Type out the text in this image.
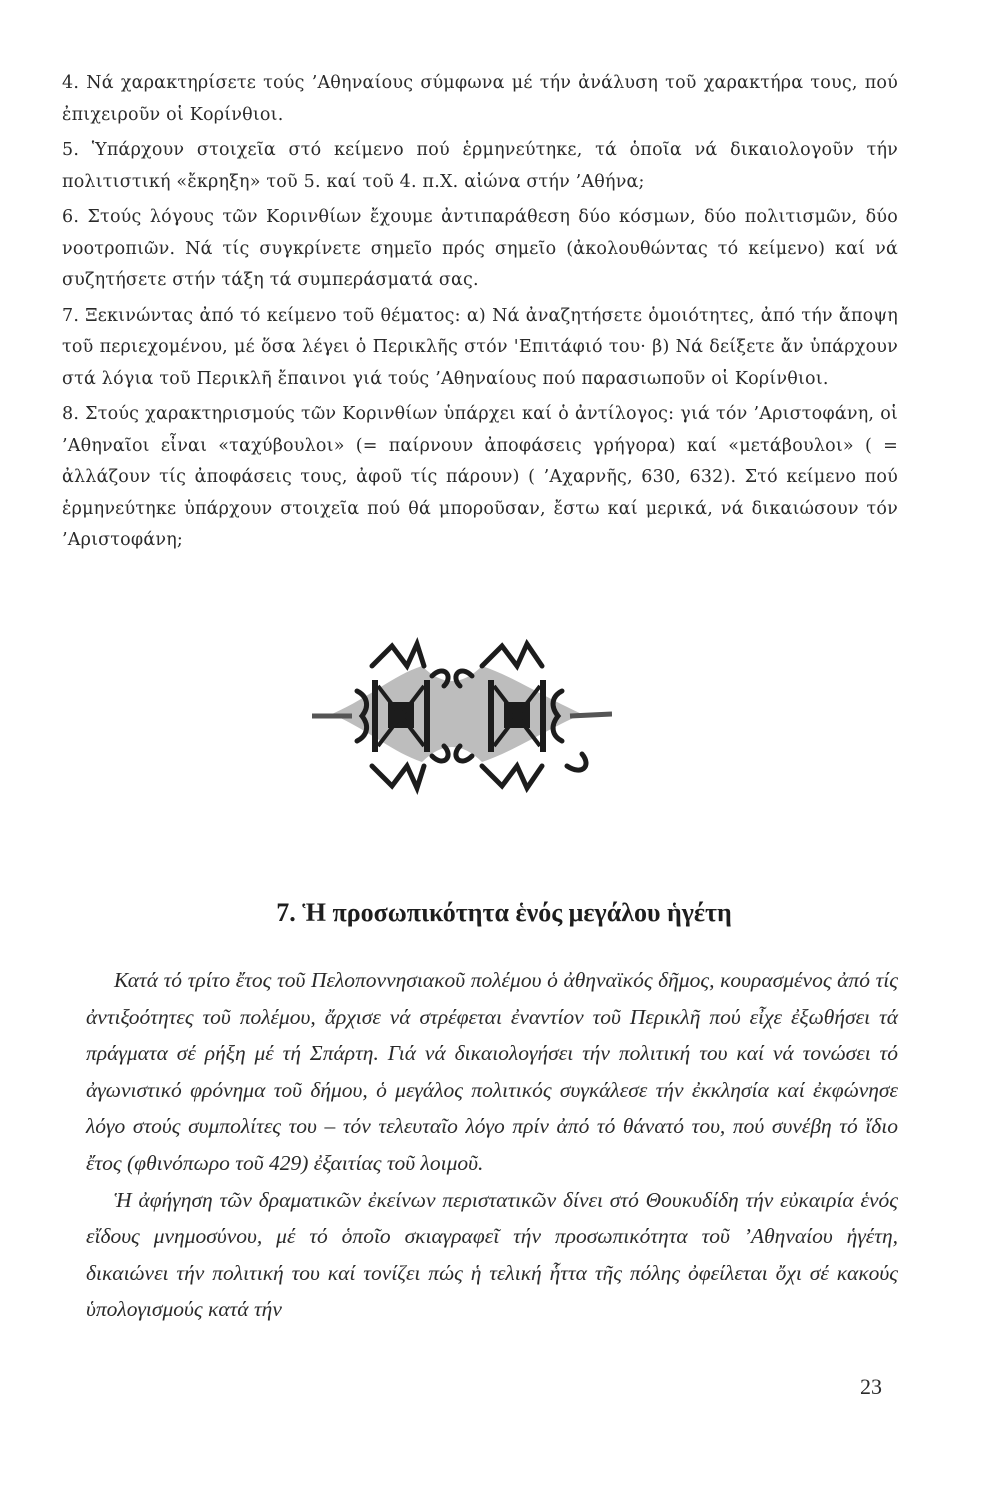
4. Νά χαρακτηρίσετε τούς ’Αθηναίους σύμφωνα μέ τήν ἀνάλυση τοῦ χαρακτήρα τους, πού ἐπιχειροῦν οἱ Κορίνθιοι.

5. Ὑπάρχουν στοιχεῖα στό κείμενο πού ἑρμηνεύτηκε, τά ὁποῖα νά δικαιολογοῦν τήν πολιτιστική «ἔκρηξη» τοῦ 5. καί τοῦ 4. π.Χ. αἰώνα στήν ’Αθήνα;

6. Στούς λόγους τῶν Κορινθίων ἔχουμε ἀντιπαράθεση δύο κόσμων, δύο πολιτισμῶν, δύο νοοτροπιῶν. Νά τίς συγκρίνετε σημεῖο πρός σημεῖο (ἀκολουθώντας τό κείμενο) καί νά συζητήσετε στήν τάξη τά συμπεράσματά σας.

7. Ξεκινώντας ἀπό τό κείμενο τοῦ θέματος: α) Νά ἀναζητήσετε ὁμοιότητες, ἀπό τήν ἄποψη τοῦ περιεχομένου, μέ ὅσα λέγει ὁ Περικλῆς στόν 'Επιτάφιό του· β) Νά δείξετε ἄν ὑπάρχουν στά λόγια τοῦ Περικλῆ ἔπαινοι γιά τούς ’Αθηναίους πού παρασιωποῦν οἱ Κορίνθιοι.

8. Στούς χαρακτηρισμούς τῶν Κορινθίων ὑπάρχει καί ὁ ἀντίλογος: γιά τόν ’Αριστοφάνη, οἱ ’Αθηναῖοι εἶναι «ταχύβουλοι» (= παίρνουν ἀποφάσεις γρήγορα) καί «μετάβουλοι» ( = ἀλλάζουν τίς ἀποφάσεις τους, ἀφοῦ τίς πάρουν) ( ’Αχαρνῆς, 630, 632). Στό κείμενο πού ἑρμηνεύτηκε ὑπάρχουν στοιχεῖα πού θά μποροῦσαν, ἔστω καί μερικά, νά δικαιώσουν τόν ’Αριστοφάνη;

7. Ἡ προσωπικότητα ἑνός μεγάλου ἡγέτη

Κατά τό τρίτο ἔτος τοῦ Πελοποννησιακοῦ πολέμου ὁ ἀθηναϊκός δῆμος, κουρασμένος ἀπό τίς ἀντιξοότητες τοῦ πολέμου, ἄρχισε νά στρέφεται ἐναντίον τοῦ Περικλῆ πού εἶχε ἐξωθήσει τά πράγματα σέ ρήξη μέ τή Σπάρτη. Γιά νά δικαιολογήσει τήν πολιτική του καί νά τονώσει τό ἀγωνιστικό φρόνημα τοῦ δήμου, ὁ μεγάλος πολιτικός συγκάλεσε τήν ἐκκλησία καί ἐκφώνησε λόγο στούς συμπολίτες του – τόν τελευταῖο λόγο πρίν ἀπό τό θάνατό του, πού συνέβη τό ἴδιο ἔτος (φθινόπωρο τοῦ 429) ἐξαιτίας τοῦ λοιμοῦ.

Ἡ ἀφήγηση τῶν δραματικῶν ἐκείνων περιστατικῶν δίνει στό Θουκυδίδη τήν εὐκαιρία ἑνός εἴδους μνημοσύνου, μέ τό ὁποῖο σκιαγραφεῖ τήν προσωπικότητα τοῦ ’Αθηναίου ἡγέτη, δικαιώνει τήν πολιτική του καί τονίζει πώς ἡ τελική ἧττα τῆς πόλης ὀφείλεται ὄχι σέ κακούς ὑπολογισμούς κατά τήν

23
